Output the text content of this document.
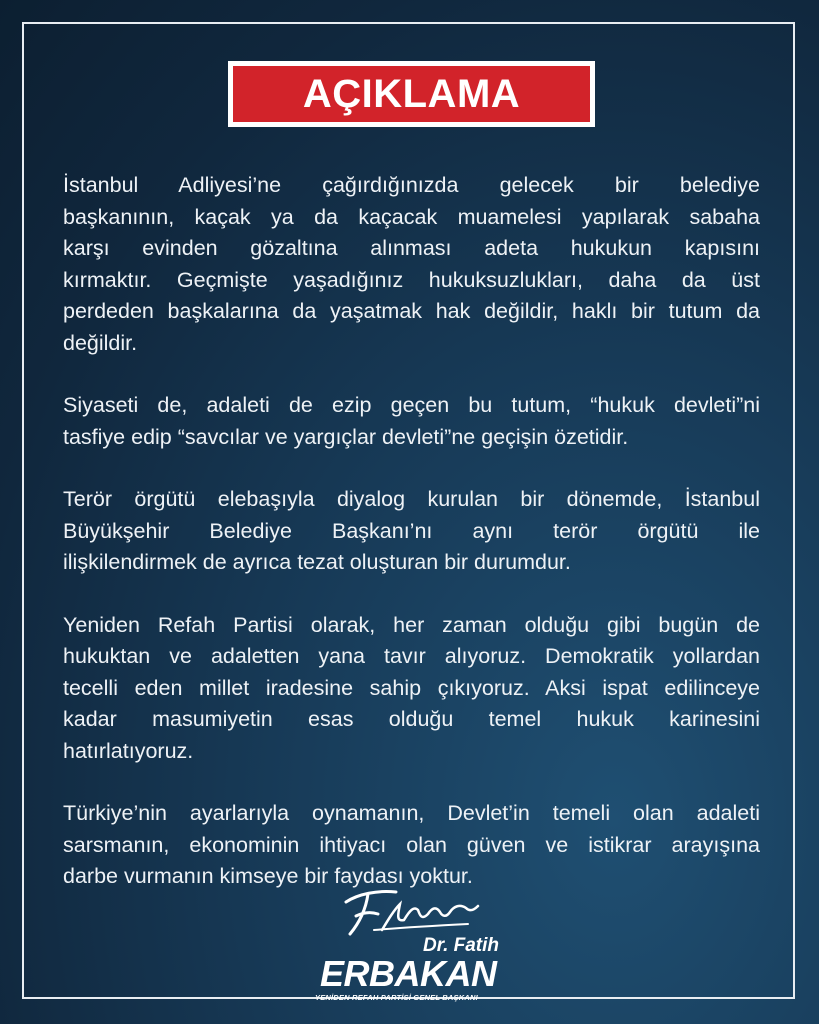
AÇIKLAMA

İstanbul Adliyesi’ne çağırdığınızda gelecek bir belediye
başkanının, kaçak ya da kaçacak muamelesi yapılarak sabaha
karşı evinden gözaltına alınması adeta hukukun kapısını
kırmaktır. Geçmişte yaşadığınız hukuksuzlukları, daha da üst
perdeden başkalarına da yaşatmak hak değildir, haklı bir tutum da
değildir.

Siyaseti de, adaleti de ezip geçen bu tutum, “hukuk devleti”ni
tasfiye edip “savcılar ve yargıçlar devleti”ne geçişin özetidir.

Terör örgütü elebaşıyla diyalog kurulan bir dönemde, İstanbul
Büyükşehir Belediye Başkanı’nı aynı terör örgütü ile
ilişkilendirmek de ayrıca tezat oluşturan bir durumdur.

Yeniden Refah Partisi olarak, her zaman olduğu gibi bugün de
hukuktan ve adaletten yana tavır alıyoruz. Demokratik yollardan
tecelli eden millet iradesine sahip çıkıyoruz. Aksi ispat edilinceye
kadar masumiyetin esas olduğu temel hukuk karinesini
hatırlatıyoruz.

Türkiye’nin ayarlarıyla oynamanın, Devlet’in temeli olan adaleti
sarsmanın, ekonominin ihtiyacı olan güven ve istikrar arayışına
darbe vurmanın kimseye bir faydası yoktur.

Dr. Fatih
ERBAKAN
YENİDEN REFAH PARTİSİ GENEL BAŞKANI
